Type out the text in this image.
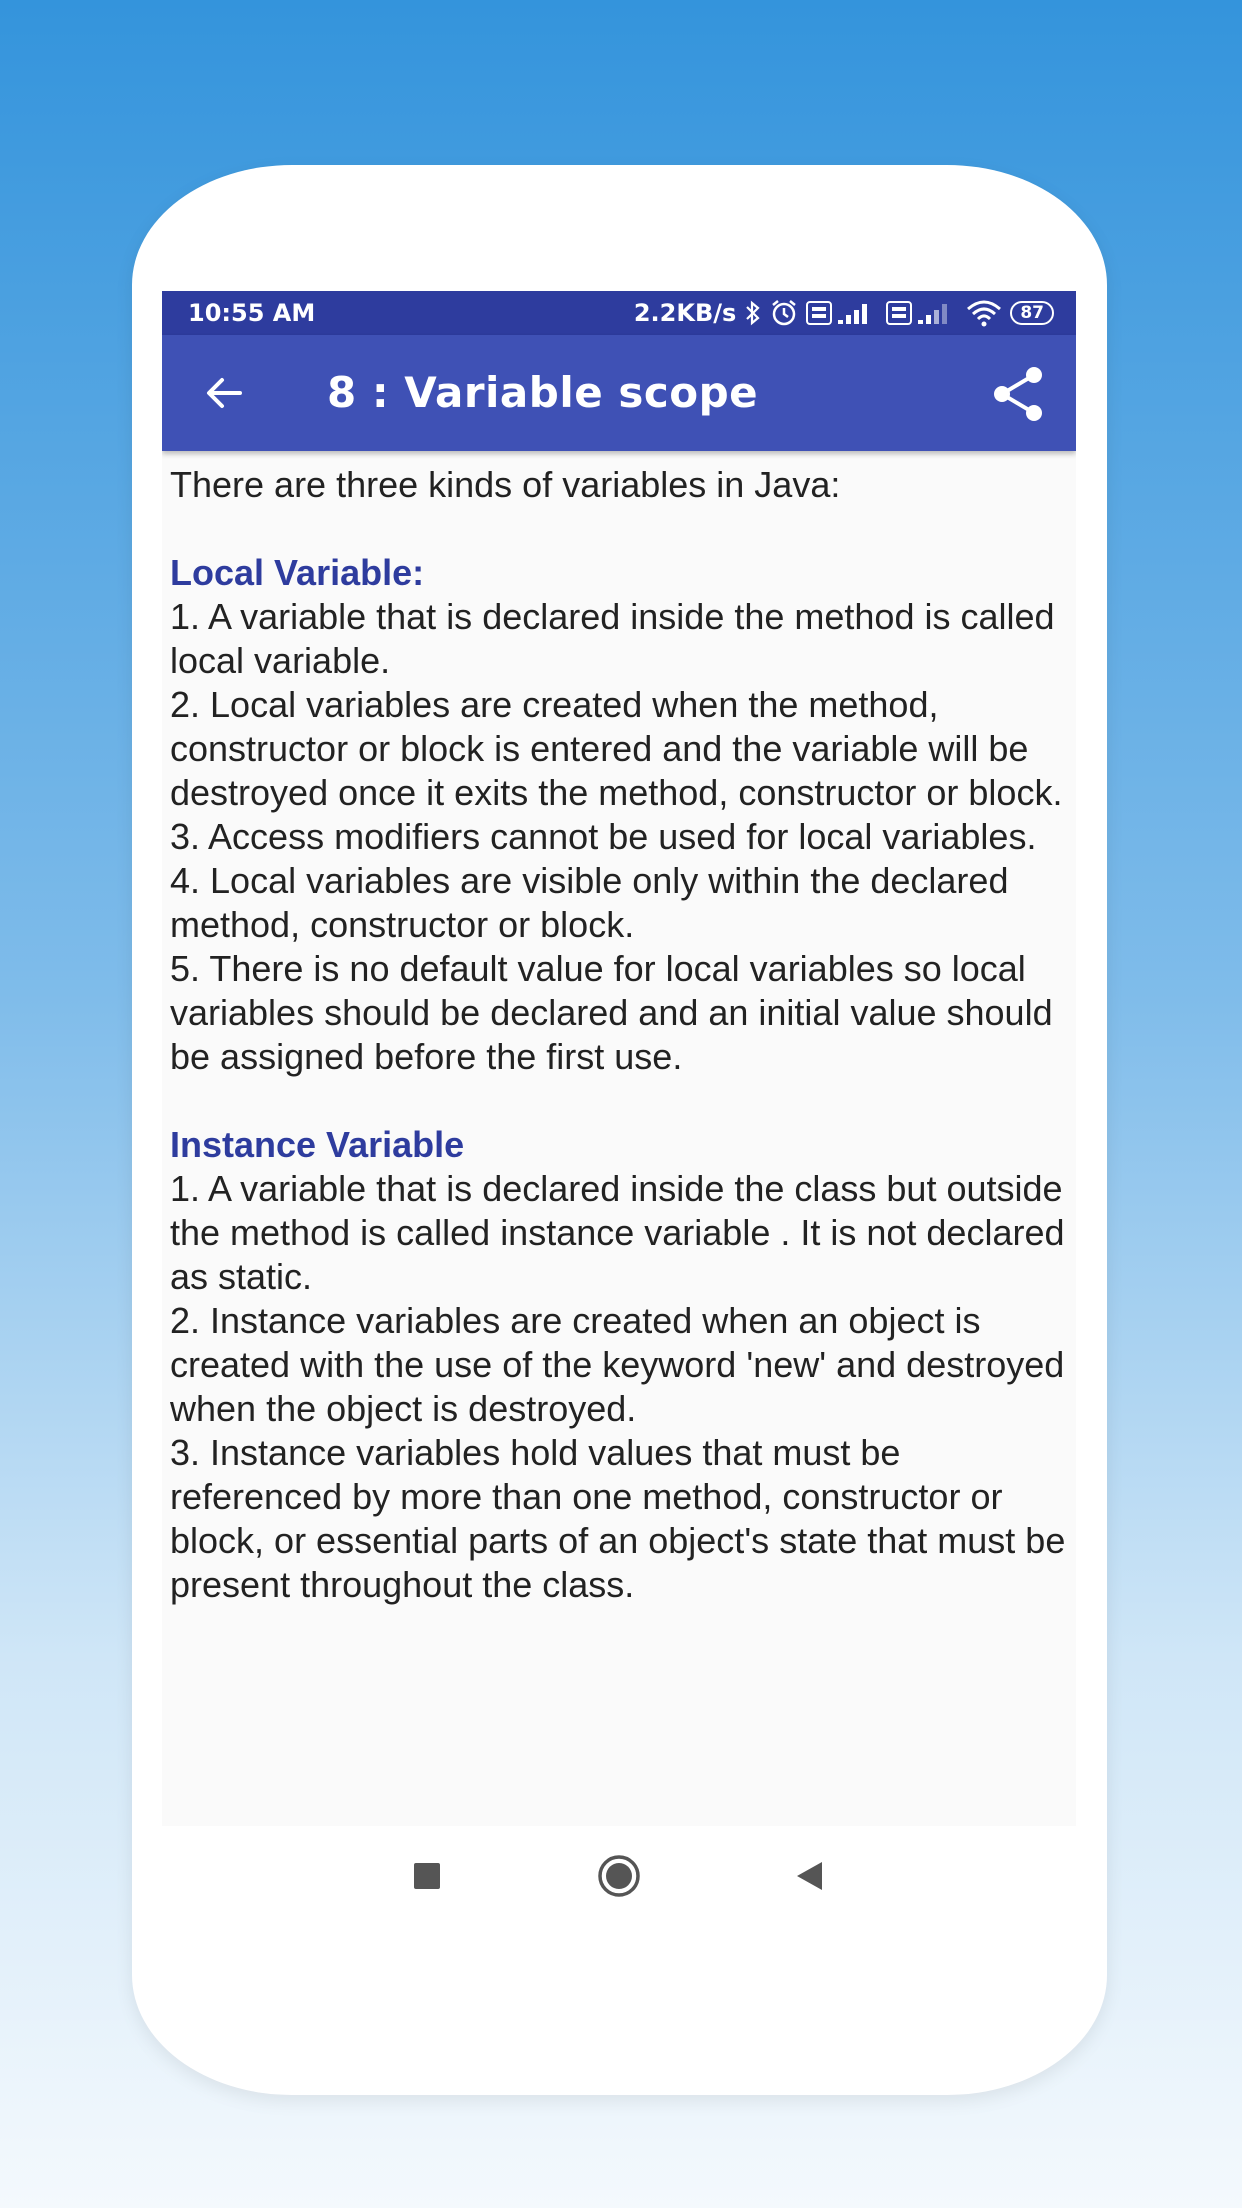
10:55 AM	2.2KB/s	87
8 : Variable scope

There are three kinds of variables in Java:

Local Variable:

1. A variable that is declared inside the method is called local variable.

2. Local variables are created when the method, constructor or block is entered and the variable will be destroyed once it exits the method, constructor or block.

3. Access modifiers cannot be used for local variables.

4. Local variables are visible only within the declared method, constructor or block.

5. There is no default value for local variables so local variables should be declared and an initial value should be assigned before the first use.

Instance Variable

1. A variable that is declared inside the class but outside the method is called instance variable . It is not declared as static.

2. Instance variables are created when an object is created with the use of the keyword 'new' and destroyed when the object is destroyed.

3. Instance variables hold values that must be referenced by more than one method, constructor or block, or essential parts of an object's state that must be present throughout the class.
